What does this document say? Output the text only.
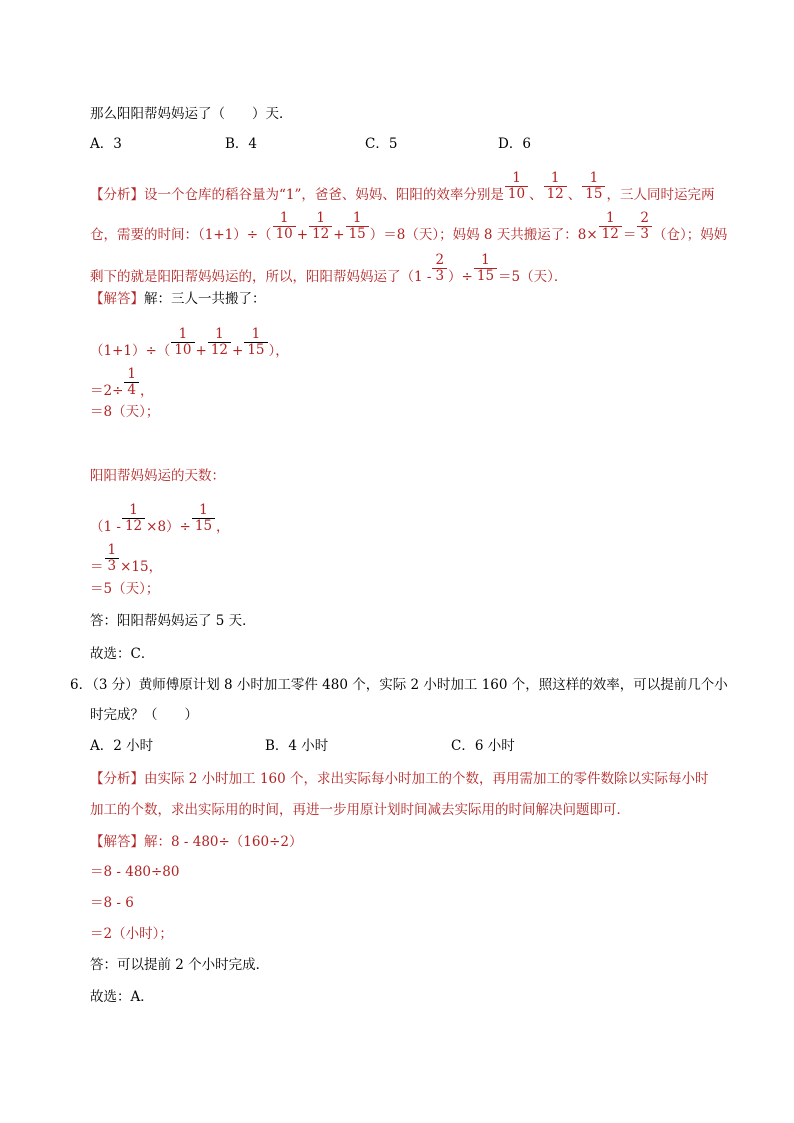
那么阳阳帮妈妈运了（　　）天．
A．3	B．4	C．5	D．6
【分析】设一个仓库的稻谷量为“1”，爸爸、妈妈、阳阳的效率分别是 $\frac{1}{10}$ 、 $\frac{1}{12}$ 、 $\frac{1}{15}$ ，三人同时运完两
仓，需要的时间：$(1+1)\div( \frac{1}{10} + \frac{1}{12} + \frac{1}{15} )=8$（天）；妈妈 8 天共搬运了：$8\times \frac{1}{12} = \frac{2}{3}$ （仓）；妈妈
剩下的就是阳阳帮妈妈运的，所以，阳阳帮妈妈运了（$1 - \frac{2}{3}$ ）÷ $\frac{1}{15} =5$（天）．
【解答】解：三人一共搬了：
$(1+1)\div( \frac{1}{10} + \frac{1}{12} + \frac{1}{15}$ ），
$=2\div \frac{1}{4}$ ，
＝8（天）；
阳阳帮妈妈运的天数：
$(1 - \frac{1}{12} \times 8)\div \frac{1}{15}$ ，
＝ $\frac{1}{3} \times 15$，
＝5（天）；
答：阳阳帮妈妈运了 5 天．
故选：C．
6．（3 分）黄师傅原计划 8 小时加工零件 480 个，实际 2 小时加工 160 个，照这样的效率，可以提前几个小
时完成？（　　）
A．2 小时	B．4 小时	C．6 小时
【分析】由实际 2 小时加工 160 个，求出实际每小时加工的个数，再用需加工的零件数除以实际每小时
加工的个数，求出实际用的时间，再进一步用原计划时间减去实际用的时间解决问题即可．
【解答】解：8 - 480÷（160÷2）
＝8 - 480÷80
＝8 - 6
＝2（小时）；
答：可以提前 2 个小时完成．
故选：A．
